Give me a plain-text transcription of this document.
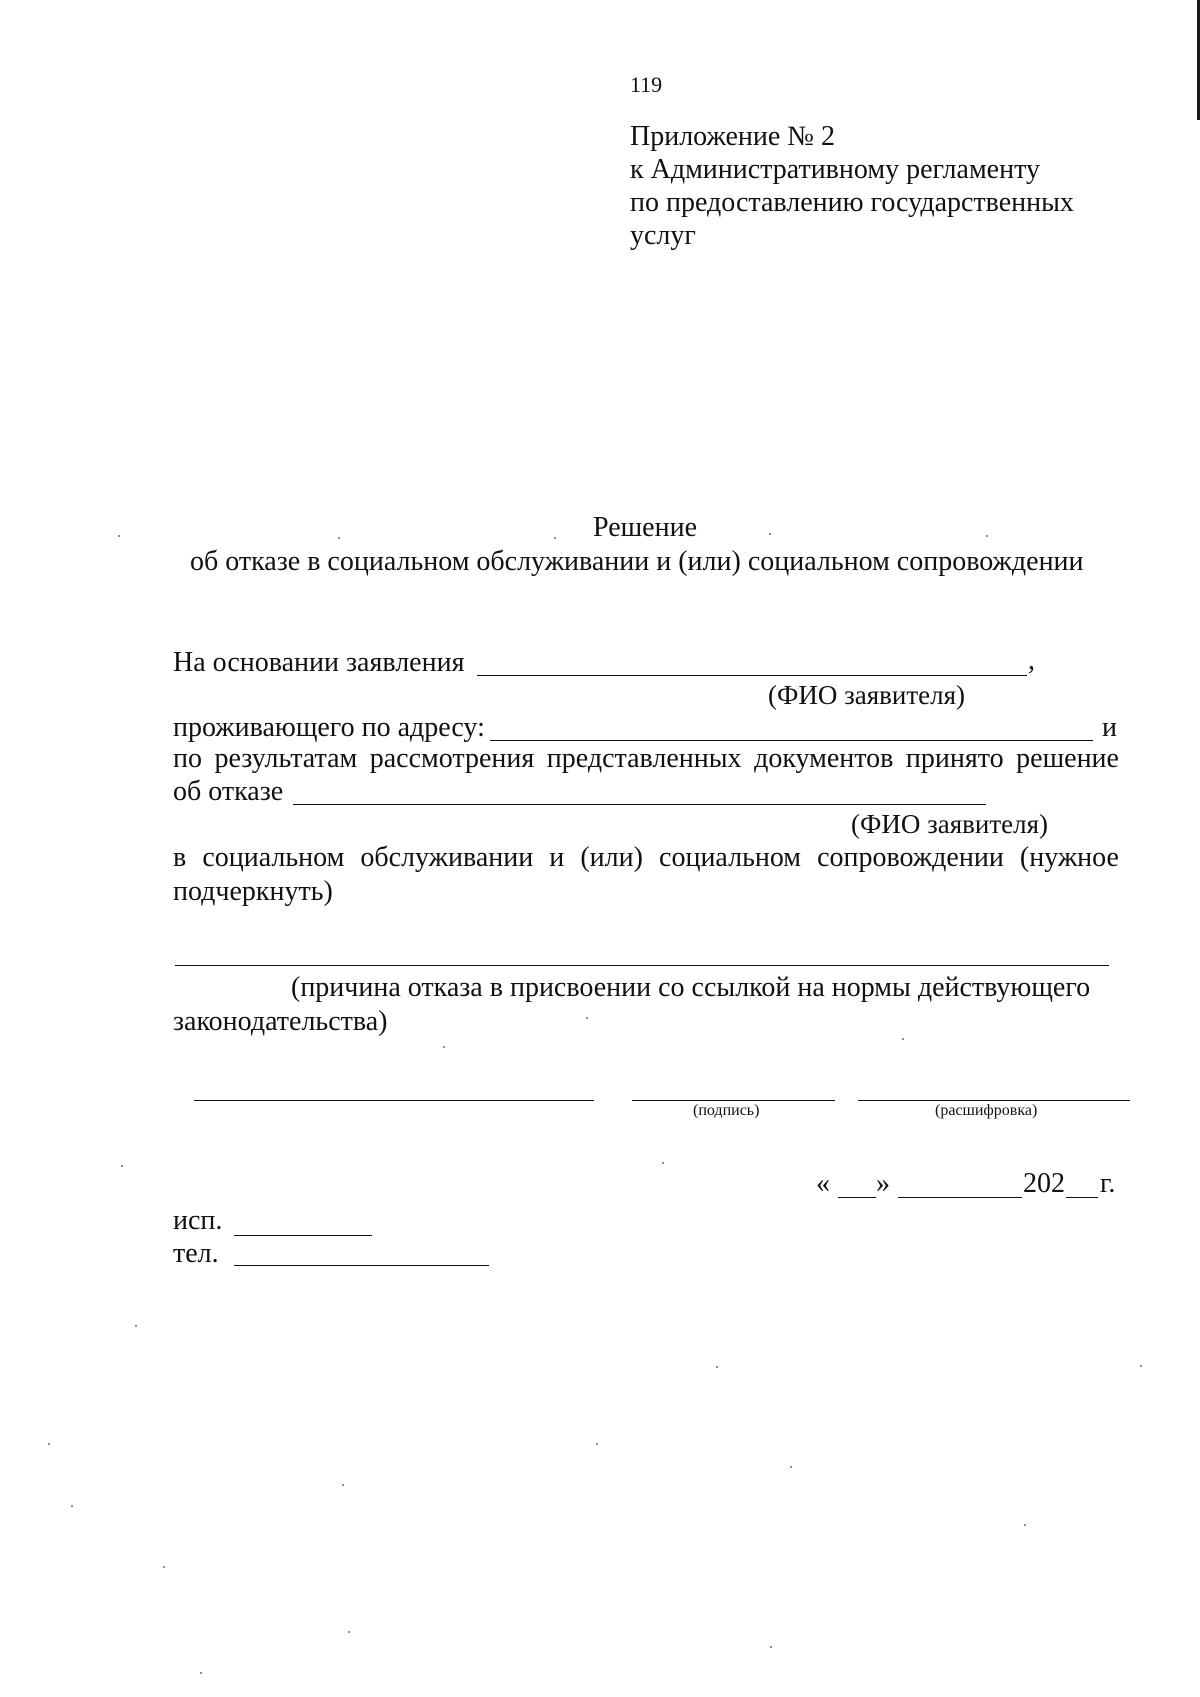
119
Приложение № 2
к Административному регламенту
по предоставлению государственных
услуг
Решение
об отказе в социальном обслуживании и (или) социальном сопровождении
На основании заявления	,
(ФИО заявителя)
проживающего по адресу:	и
по результатам рассмотрения представленных документов принято решение
об отказе
(ФИО заявителя)
в социальном обслуживании и (или) социальном сопровождении (нужное
подчеркнуть)
(причина отказа в присвоении со ссылкой на нормы действующего
законодательства)
(подпись)	(расшифровка)
« »	202 г.
исп.
тел.
